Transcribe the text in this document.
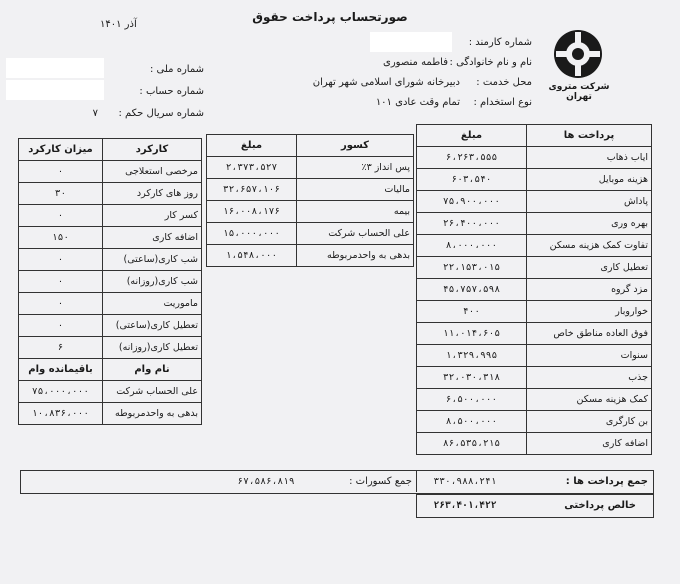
صورتحساب پرداخت حقوق
آذر ۱۴۰۱
شرکت متروی تهران
شماره کارمند :
نام و نام خانوادگی :
فاطمه منصوری
محل خدمت :
دبیرخانه شورای اسلامی شهر تهران
نوع استخدام :
تمام وقت عادی ۱۰۱
شماره ملی :
شماره حساب :
شماره سریال حکم :
۷
پرداخت ها	مبلغ
ایاب ذهاب	۶،۲۶۳،۵۵۵
هزینه موبایل	۶۰۳،۵۴۰
پاداش	۷۵،۹۰۰،۰۰۰
بهره وری	۲۶،۴۰۰،۰۰۰
تفاوت کمک هزینه مسکن	۸،۰۰۰،۰۰۰
تعطیل کاری	۲۲،۱۵۳،۰۱۵
مزد گروه	۴۵،۷۵۷،۵۹۸
خواروبار	۴۰۰
فوق العاده مناطق خاص	۱۱،۰۱۴،۶۰۵
سنوات	۱،۳۲۹،۹۹۵
جذب	۳۲،۰۳۰،۳۱۸
کمک هزینه مسکن	۶،۵۰۰،۰۰۰
بن کارگری	۸،۵۰۰،۰۰۰
اضافه کاری	۸۶،۵۳۵،۲۱۵
کسور	مبلغ
پس انداز ۳٪	۲،۳۷۳،۵۲۷
مالیات	۳۲،۶۵۷،۱۰۶
بیمه	۱۶،۰۰۸،۱۷۶
علی الحساب شرکت	۱۵،۰۰۰،۰۰۰
بدهی به واحدمربوطه	۱،۵۴۸،۰۰۰
کارکرد	میزان کارکرد
مرخصی استعلاجی	۰
روز های کارکرد	۳۰
کسر کار	۰
اضافه کاری	۱۵۰
شب کاری(ساعتی)	۰
شب کاری(روزانه)	۰
ماموریت	۰
تعطیل کاری(ساعتی)	۰
تعطیل کاری(روزانه)	۶
نام وام	باقیمانده وام
علی الحساب شرکت	۷۵،۰۰۰،۰۰۰
بدهی به واحدمربوطه	۱۰،۸۳۶،۰۰۰
جمع پرداخت ها :
۳۳۰،۹۸۸،۲۴۱
جمع کسورات :
۶۷،۵۸۶،۸۱۹
خالص پرداختی
۲۶۳،۴۰۱،۴۲۲
